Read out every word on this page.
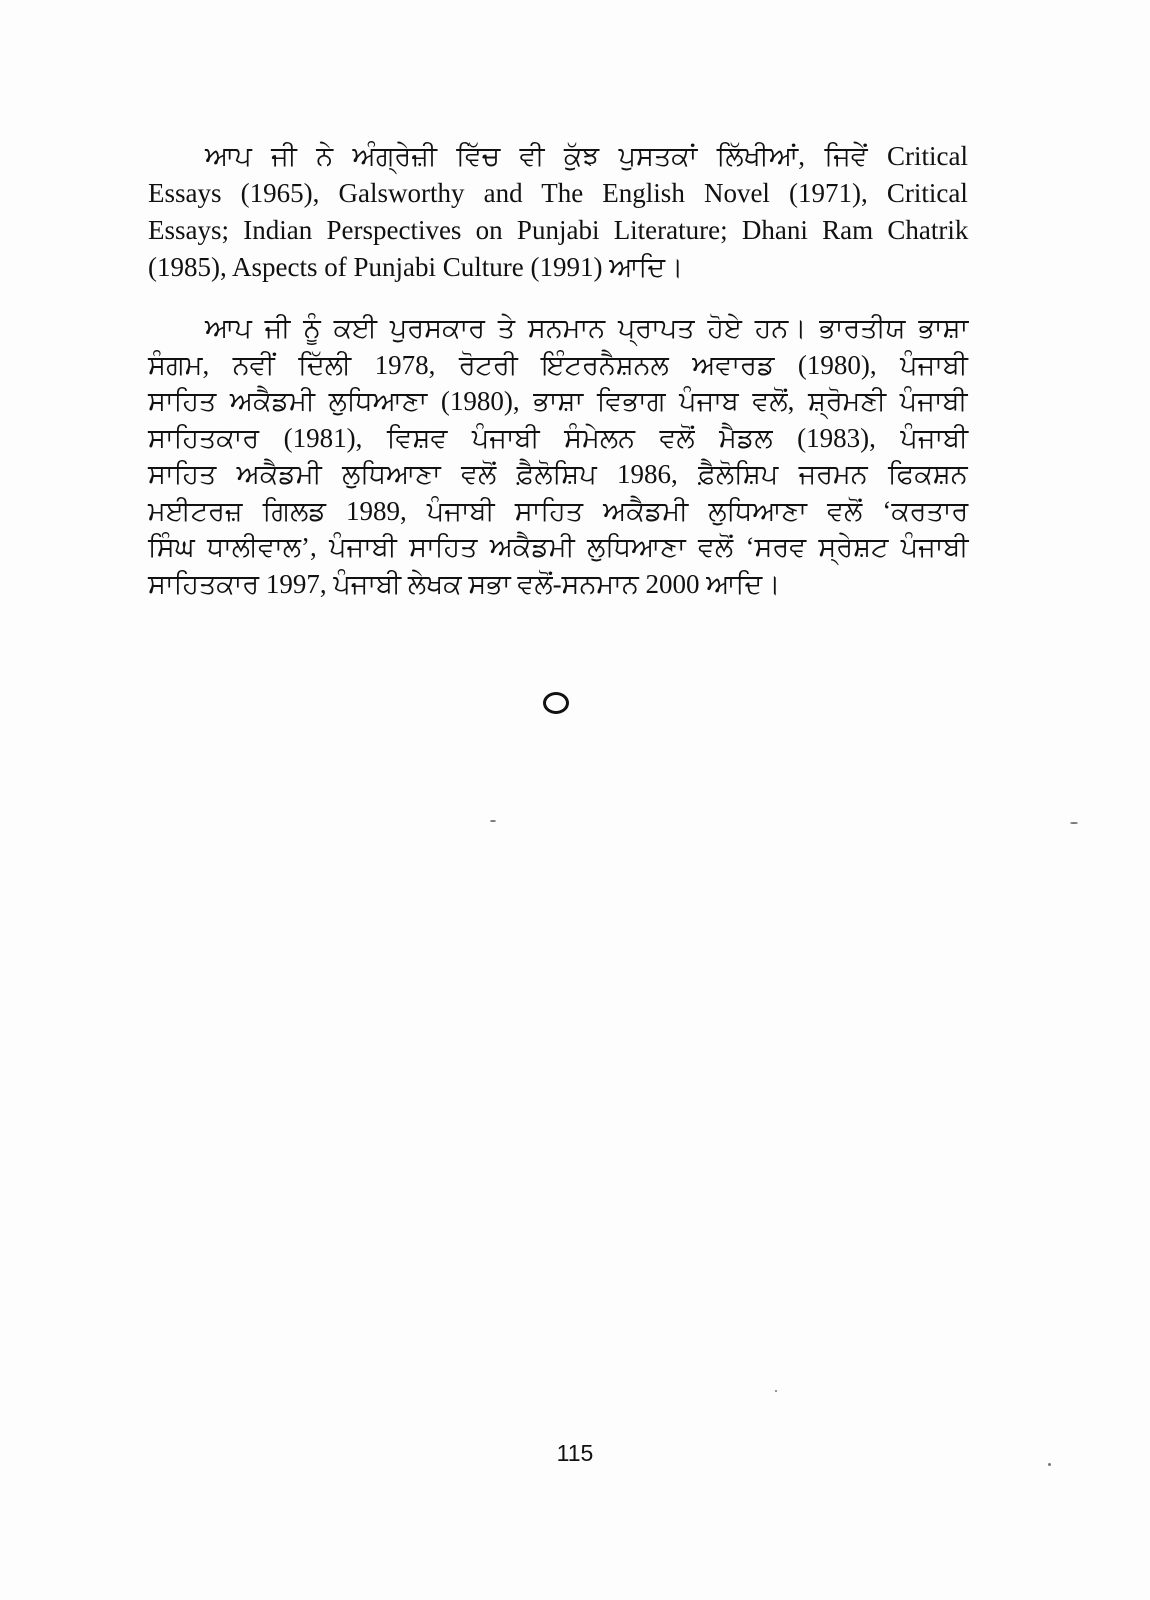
ਆਪ ਜੀ ਨੇ ਅੰਗ੍ਰੇਜ਼ੀ ਵਿੱਚ ਵੀ ਕੁੱਝ ਪੁਸਤਕਾਂ ਲਿੱਖੀਆਂ, ਜਿਵੇਂ Critical
Essays (1965), Galsworthy and The English Novel (1971), Critical
Essays; Indian Perspectives on Punjabi Literature; Dhani Ram Chatrik
(1985), Aspects of Punjabi Culture (1991) ਆਦਿ।

ਆਪ ਜੀ ਨੂੰ ਕਈ ਪੁਰਸਕਾਰ ਤੇ ਸਨਮਾਨ ਪ੍ਰਾਪਤ ਹੋਏ ਹਨ। ਭਾਰਤੀਯ ਭਾਸ਼ਾ
ਸੰਗਮ, ਨਵੀਂ ਦਿੱਲੀ 1978, ਰੋਟਰੀ ਇੰਟਰਨੈਸ਼ਨਲ ਅਵਾਰਡ (1980), ਪੰਜਾਬੀ
ਸਾਹਿਤ ਅਕੈਡਮੀ ਲੁਧਿਆਣਾ (1980), ਭਾਸ਼ਾ ਵਿਭਾਗ ਪੰਜਾਬ ਵਲੋਂ, ਸ਼੍ਰੋਮਣੀ ਪੰਜਾਬੀ
ਸਾਹਿਤਕਾਰ (1981), ਵਿਸ਼ਵ ਪੰਜਾਬੀ ਸੰਮੇਲਨ ਵਲੋਂ ਮੈਡਲ (1983), ਪੰਜਾਬੀ
ਸਾਹਿਤ ਅਕੈਡਮੀ ਲੁਧਿਆਣਾ ਵਲੋਂ ਫ਼ੈਲੋਸ਼ਿਪ 1986, ਫ਼ੈਲੋਸ਼ਿਪ ਜਰਮਨ ਫਿਕਸ਼ਨ
ਮਈਟਰਜ਼ ਗਿਲਡ 1989, ਪੰਜਾਬੀ ਸਾਹਿਤ ਅਕੈਡਮੀ ਲੁਧਿਆਣਾ ਵਲੋਂ ‘ਕਰਤਾਰ
ਸਿੰਘ ਧਾਲੀਵਾਲ’, ਪੰਜਾਬੀ ਸਾਹਿਤ ਅਕੈਡਮੀ ਲੁਧਿਆਣਾ ਵਲੋਂ ‘ਸਰਵ ਸ੍ਰੇਸ਼ਟ ਪੰਜਾਬੀ
ਸਾਹਿਤਕਾਰ 1997, ਪੰਜਾਬੀ ਲੇਖਕ ਸਭਾ ਵਲੋਂ-ਸਨਮਾਨ 2000 ਆਦਿ।

115
